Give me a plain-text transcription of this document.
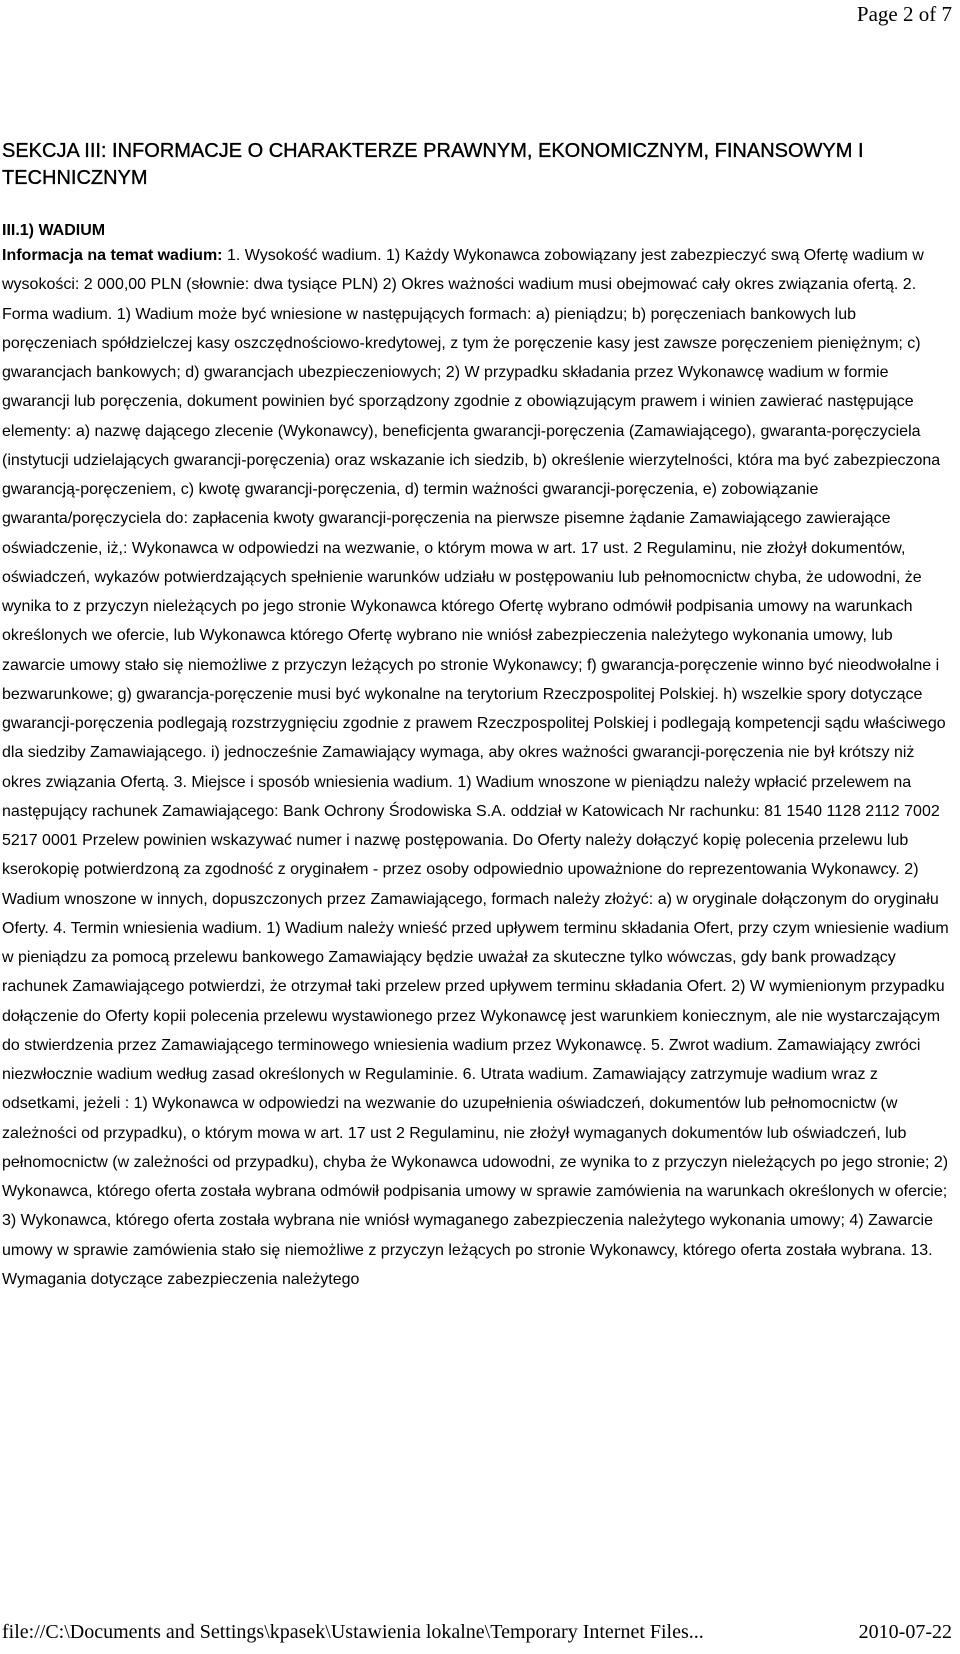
Page 2 of 7
SEKCJA III: INFORMACJE O CHARAKTERZE PRAWNYM, EKONOMICZNYM, FINANSOWYM I TECHNICZNYM
III.1) WADIUM

Informacja na temat wadium: 1. Wysokość wadium. 1) Każdy Wykonawca zobowiązany jest zabezpieczyć swą Ofertę wadium w wysokości: 2 000,00 PLN (słownie: dwa tysiące PLN) 2) Okres ważności wadium musi obejmować cały okres związania ofertą. 2. Forma wadium. 1) Wadium może być wniesione w następujących formach: a) pieniądzu; b) poręczeniach bankowych lub poręczeniach spółdzielczej kasy oszczędnościowo-kredytowej, z tym że poręczenie kasy jest zawsze poręczeniem pieniężnym; c) gwarancjach bankowych; d) gwarancjach ubezpieczeniowych; 2) W przypadku składania przez Wykonawcę wadium w formie gwarancji lub poręczenia, dokument powinien być sporządzony zgodnie z obowiązującym prawem i winien zawierać następujące elementy: a) nazwę dającego zlecenie (Wykonawcy), beneficjenta gwarancji-poręczenia (Zamawiającego), gwaranta-poręczyciela (instytucji udzielających gwarancji-poręczenia) oraz wskazanie ich siedzib, b) określenie wierzytelności, która ma być zabezpieczona gwarancją-poręczeniem, c) kwotę gwarancji-poręczenia, d) termin ważności gwarancji-poręczenia, e) zobowiązanie gwaranta/poręczyciela do: zapłacenia kwoty gwarancji-poręczenia na pierwsze pisemne żądanie Zamawiającego zawierające oświadczenie, iż,: Wykonawca w odpowiedzi na wezwanie, o którym mowa w art. 17 ust. 2 Regulaminu, nie złożył dokumentów, oświadczeń, wykazów potwierdzających spełnienie warunków udziału w postępowaniu lub pełnomocnictw chyba, że udowodni, że wynika to z przyczyn nieleżących po jego stronie Wykonawca którego Ofertę wybrano odmówił podpisania umowy na warunkach określonych we ofercie, lub Wykonawca którego Ofertę wybrano nie wniósł zabezpieczenia należytego wykonania umowy, lub zawarcie umowy stało się niemożliwe z przyczyn leżących po stronie Wykonawcy; f) gwarancja-poręczenie winno być nieodwołalne i bezwarunkowe; g) gwarancja-poręczenie musi być wykonalne na terytorium Rzeczpospolitej Polskiej. h) wszelkie spory dotyczące gwarancji-poręczenia podlegają rozstrzygnięciu zgodnie z prawem Rzeczpospolitej Polskiej i podlegają kompetencji sądu właściwego dla siedziby Zamawiającego. i) jednocześnie Zamawiający wymaga, aby okres ważności gwarancji-poręczenia nie był krótszy niż okres związania Ofertą. 3. Miejsce i sposób wniesienia wadium. 1) Wadium wnoszone w pieniądzu należy wpłacić przelewem na następujący rachunek Zamawiającego: Bank Ochrony Środowiska S.A. oddział w Katowicach Nr rachunku: 81 1540 1128 2112 7002 5217 0001 Przelew powinien wskazywać numer i nazwę postępowania. Do Oferty należy dołączyć kopię polecenia przelewu lub kserokopię potwierdzoną za zgodność z oryginałem - przez osoby odpowiednio upoważnione do reprezentowania Wykonawcy. 2) Wadium wnoszone w innych, dopuszczonych przez Zamawiającego, formach należy złożyć: a) w oryginale dołączonym do oryginału Oferty. 4. Termin wniesienia wadium. 1) Wadium należy wnieść przed upływem terminu składania Ofert, przy czym wniesienie wadium w pieniądzu za pomocą przelewu bankowego Zamawiający będzie uważał za skuteczne tylko wówczas, gdy bank prowadzący rachunek Zamawiającego potwierdzi, że otrzymał taki przelew przed upływem terminu składania Ofert. 2) W wymienionym przypadku dołączenie do Oferty kopii polecenia przelewu wystawionego przez Wykonawcę jest warunkiem koniecznym, ale nie wystarczającym do stwierdzenia przez Zamawiającego terminowego wniesienia wadium przez Wykonawcę. 5. Zwrot wadium. Zamawiający zwróci niezwłocznie wadium według zasad określonych w Regulaminie. 6. Utrata wadium. Zamawiający zatrzymuje wadium wraz z odsetkami, jeżeli : 1) Wykonawca w odpowiedzi na wezwanie do uzupełnienia oświadczeń, dokumentów lub pełnomocnictw (w zależności od przypadku), o którym mowa w art. 17 ust 2 Regulaminu, nie złożył wymaganych dokumentów lub oświadczeń, lub pełnomocnictw (w zależności od przypadku), chyba że Wykonawca udowodni, ze wynika to z przyczyn nieleżących po jego stronie; 2) Wykonawca, którego oferta została wybrana odmówił podpisania umowy w sprawie zamówienia na warunkach określonych w ofercie; 3) Wykonawca, którego oferta została wybrana nie wniósł wymaganego zabezpieczenia należytego wykonania umowy; 4) Zawarcie umowy w sprawie zamówienia stało się niemożliwe z przyczyn leżących po stronie Wykonawcy, którego oferta została wybrana. 13. Wymagania dotyczące zabezpieczenia należytego

file://C:\Documents and Settings\kpasek\Ustawienia lokalne\Temporary Internet Files...	2010-07-22
